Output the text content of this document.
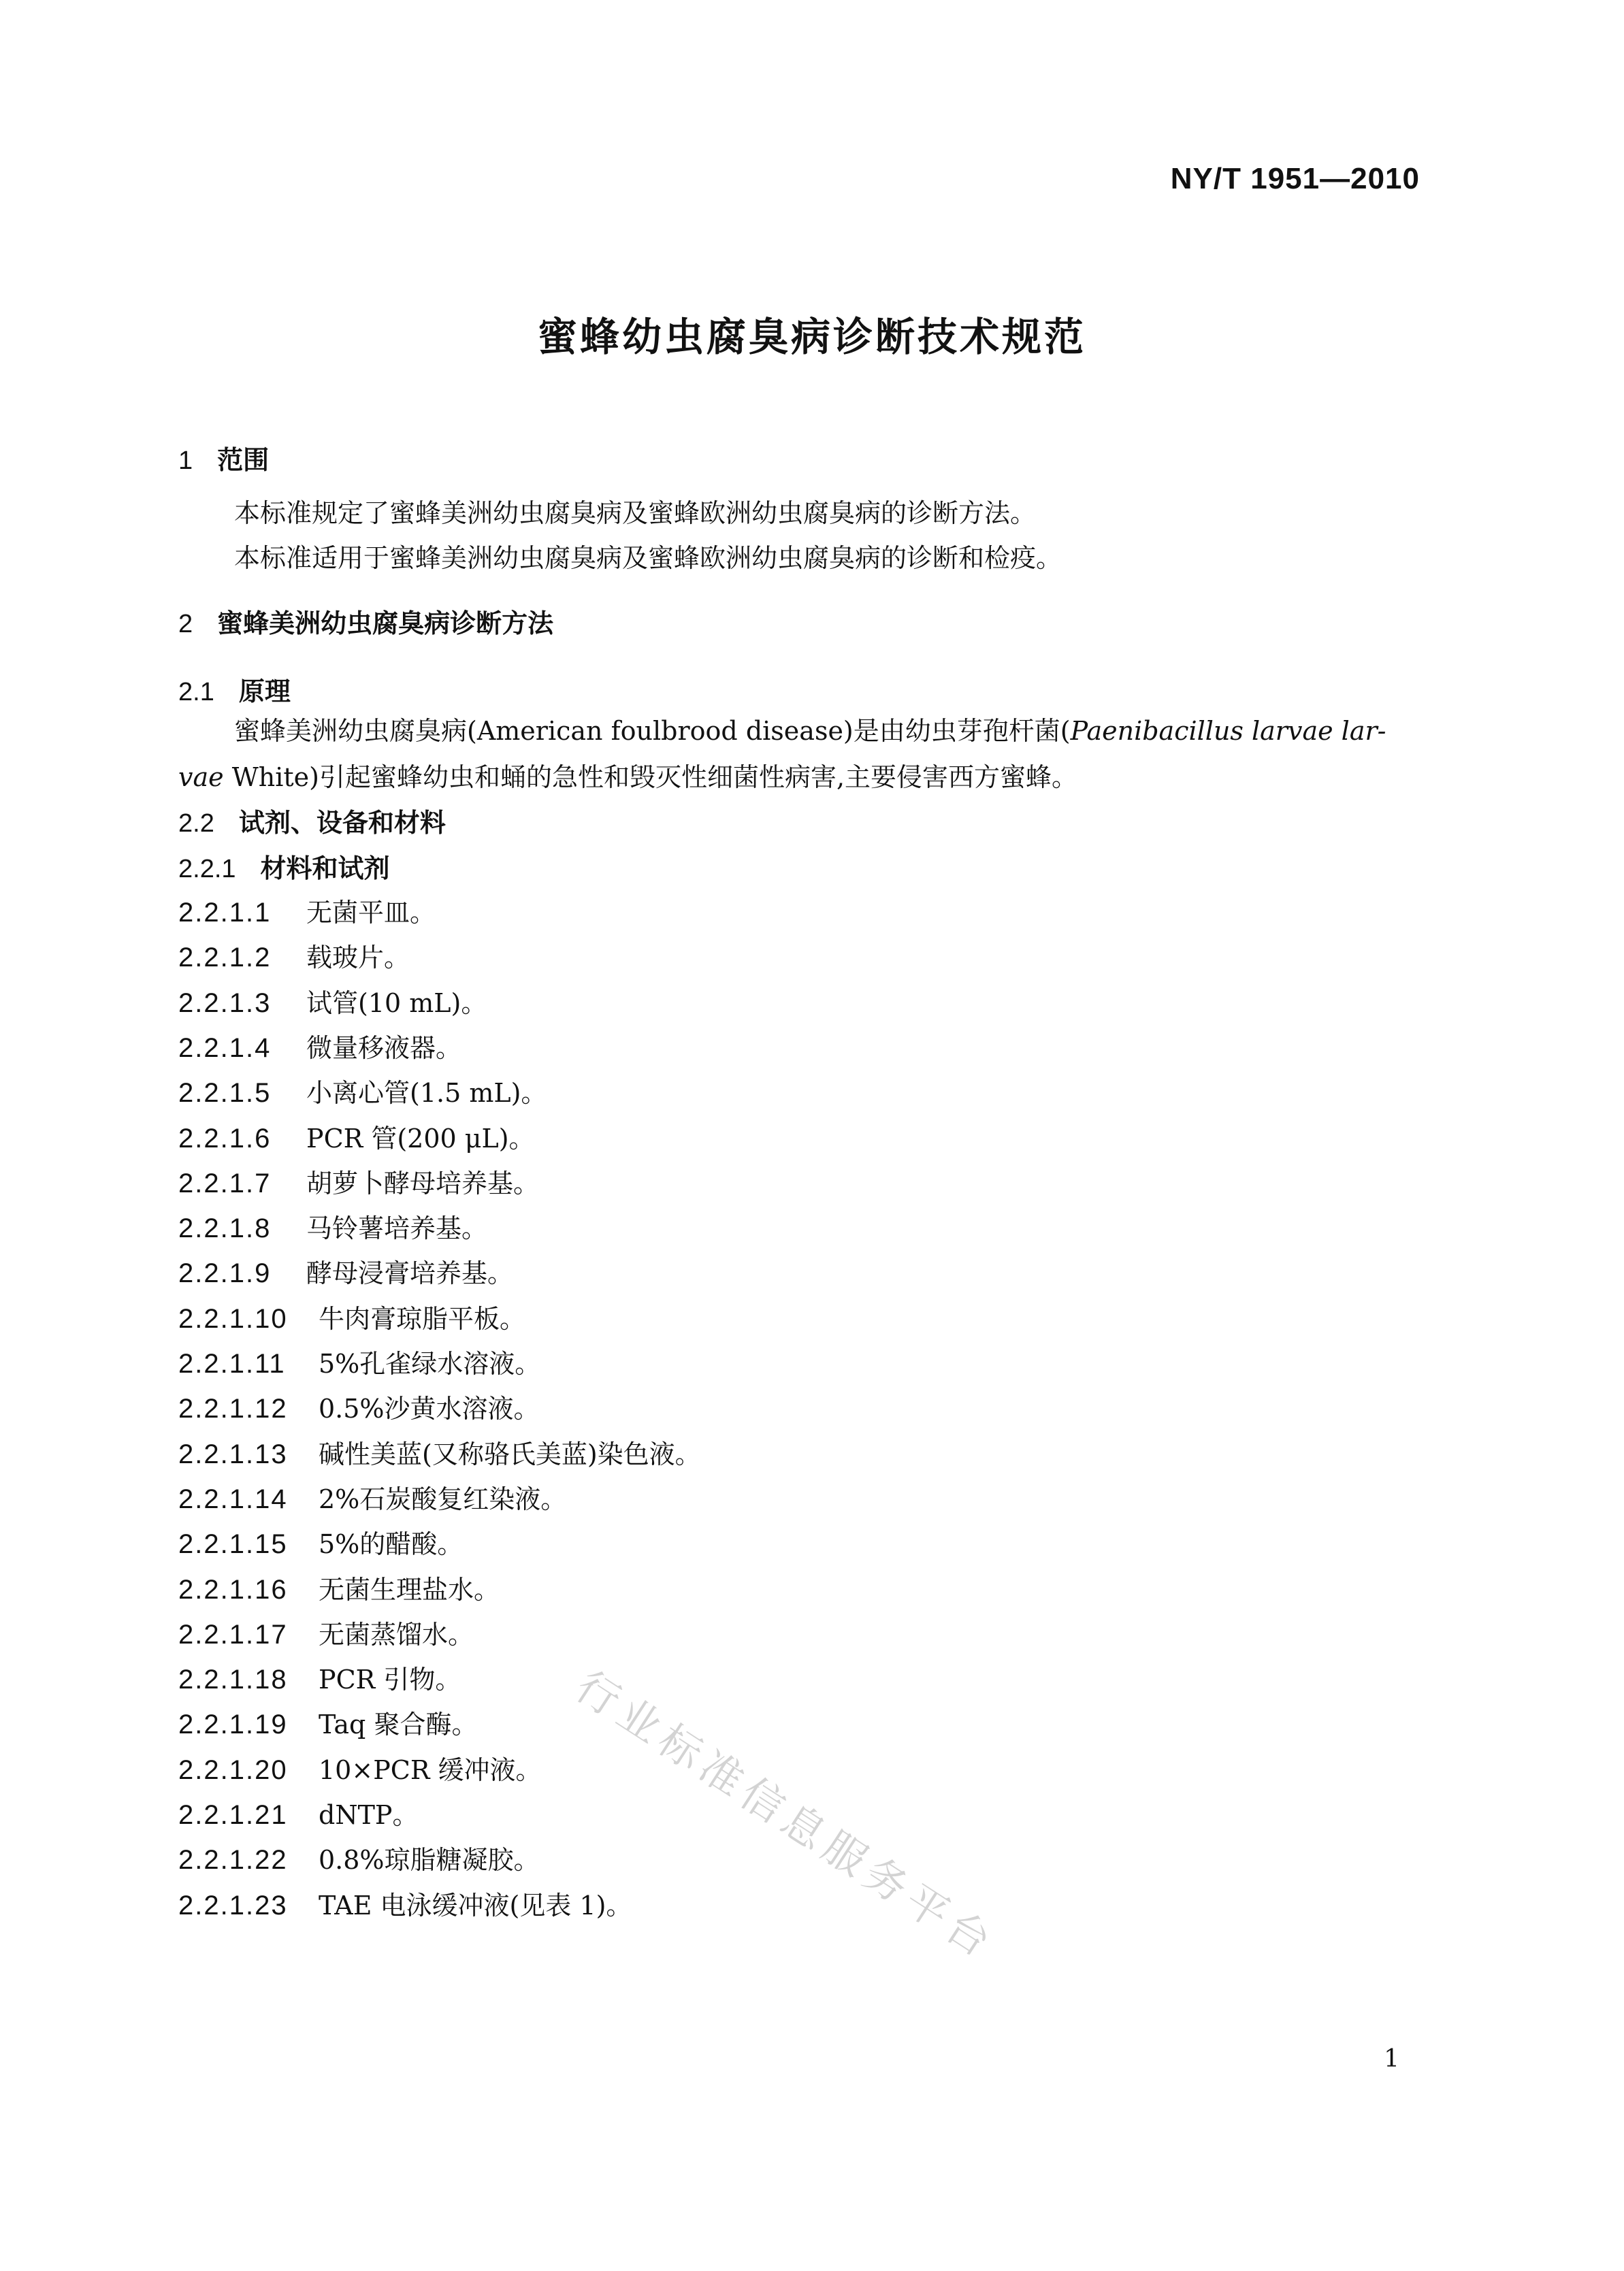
NY/T 1951—2010
蜜蜂幼虫腐臭病诊断技术规范
1 范围
本标准规定了蜜蜂美洲幼虫腐臭病及蜜蜂欧洲幼虫腐臭病的诊断方法。
本标准适用于蜜蜂美洲幼虫腐臭病及蜜蜂欧洲幼虫腐臭病的诊断和检疫。
2 蜜蜂美洲幼虫腐臭病诊断方法
2.1 原理
蜜蜂美洲幼虫腐臭病(American foulbrood disease)是由幼虫芽孢杆菌(Paenibacillus larvae lar-
vae White)引起蜜蜂幼虫和蛹的急性和毁灭性细菌性病害,主要侵害西方蜜蜂。
2.2 试剂、设备和材料
2.2.1 材料和试剂
2.2.1.1 无菌平皿。
2.2.1.2 载玻片。
2.2.1.3 试管(10 mL)。
2.2.1.4 微量移液器。
2.2.1.5 小离心管(1.5 mL)。
2.2.1.6 PCR 管(200 μL)。
2.2.1.7 胡萝卜酵母培养基。
2.2.1.8 马铃薯培养基。
2.2.1.9 酵母浸膏培养基。
2.2.1.10 牛肉膏琼脂平板。
2.2.1.11 5%孔雀绿水溶液。
2.2.1.12 0.5%沙黄水溶液。
2.2.1.13 碱性美蓝(又称骆氏美蓝)染色液。
2.2.1.14 2%石炭酸复红染液。
2.2.1.15 5%的醋酸。
2.2.1.16 无菌生理盐水。
2.2.1.17 无菌蒸馏水。
2.2.1.18 PCR 引物。
2.2.1.19 Taq 聚合酶。
2.2.1.20 10×PCR 缓冲液。
2.2.1.21 dNTP。
2.2.1.22 0.8%琼脂糖凝胶。
2.2.1.23 TAE 电泳缓冲液(见表 1)。
行业标准信息服务平台
1
